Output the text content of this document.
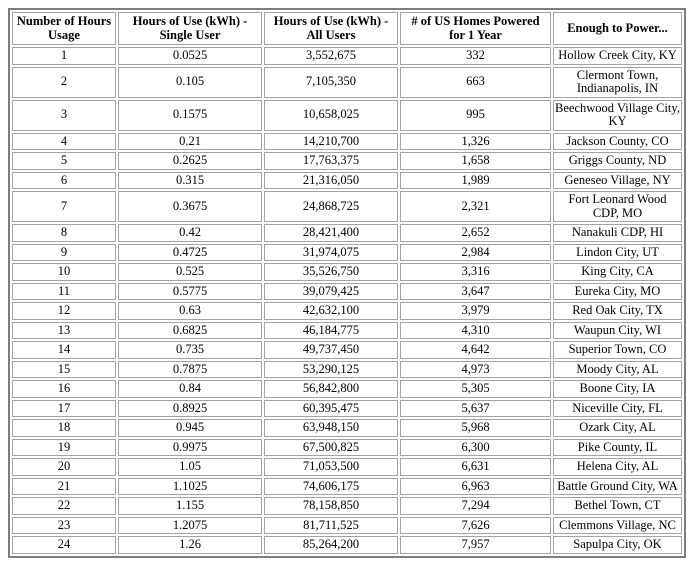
Number of Hours Usage	Hours of Use (kWh) - Single User	Hours of Use (kWh) - All Users	# of US Homes Powered for 1 Year	Enough to Power...
1	0.0525	3,552,675	332	Hollow Creek City, KY
2	0.105	7,105,350	663	Clermont Town, Indianapolis, IN
3	0.1575	10,658,025	995	Beechwood Village City, KY
4	0.21	14,210,700	1,326	Jackson County, CO
5	0.2625	17,763,375	1,658	Griggs County, ND
6	0.315	21,316,050	1,989	Geneseo Village, NY
7	0.3675	24,868,725	2,321	Fort Leonard Wood CDP, MO
8	0.42	28,421,400	2,652	Nanakuli CDP, HI
9	0.4725	31,974,075	2,984	Lindon City, UT
10	0.525	35,526,750	3,316	King City, CA
11	0.5775	39,079,425	3,647	Eureka City, MO
12	0.63	42,632,100	3,979	Red Oak City, TX
13	0.6825	46,184,775	4,310	Waupun City, WI
14	0.735	49,737,450	4,642	Superior Town, CO
15	0.7875	53,290,125	4,973	Moody City, AL
16	0.84	56,842,800	5,305	Boone City, IA
17	0.8925	60,395,475	5,637	Niceville City, FL
18	0.945	63,948,150	5,968	Ozark City, AL
19	0.9975	67,500,825	6,300	Pike County, IL
20	1.05	71,053,500	6,631	Helena City, AL
21	1.1025	74,606,175	6,963	Battle Ground City, WA
22	1.155	78,158,850	7,294	Bethel Town, CT
23	1.2075	81,711,525	7,626	Clemmons Village, NC
24	1.26	85,264,200	7,957	Sapulpa City, OK
